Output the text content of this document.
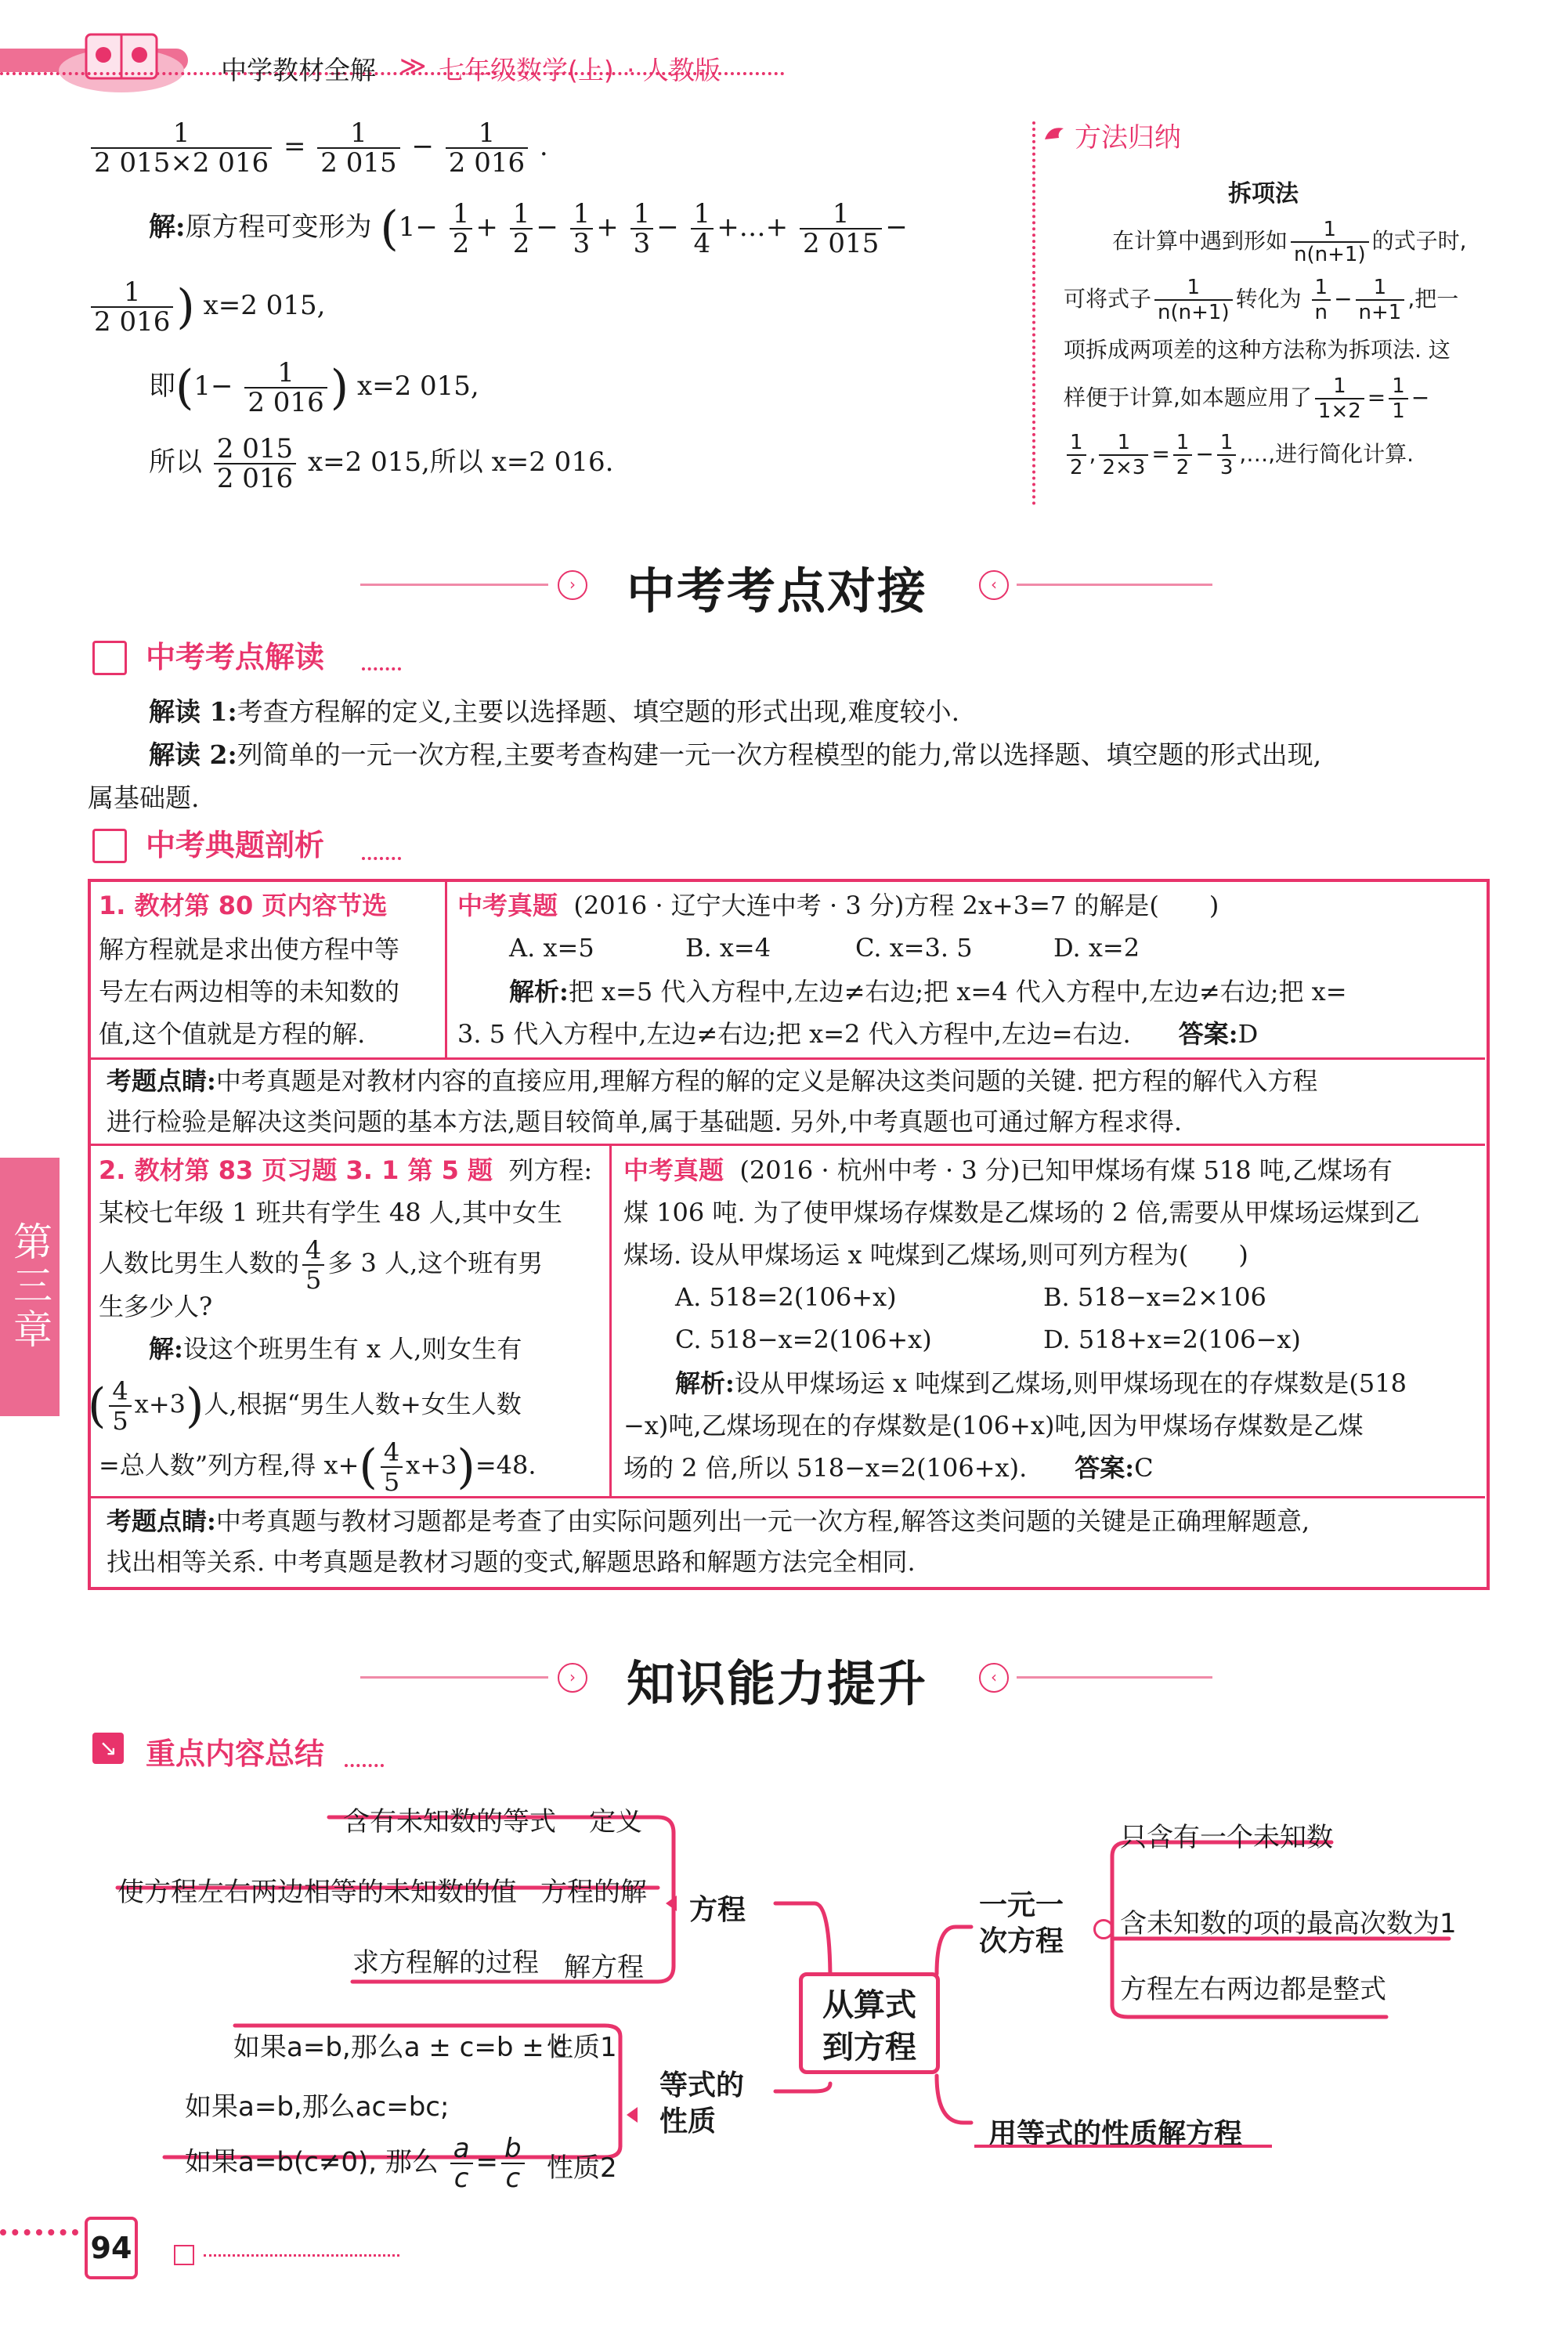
中学教材全解 ≫ 七年级数学(上) · 人教版
$\frac{1}{2 015\times 2 016} = \frac{1}{2 015} - \frac{1}{2 016}$ .
解:原方程可变形为 ($1- \frac{1}{2} + \frac{1}{2} - \frac{1}{3} + \frac{1}{3} - \frac{1}{4}$ +…+ $\frac{1}{2 015}$ −
$\frac{1}{2 016}$ ) x=2 015,
即($1- \frac{1}{2 016}$ ) x=2 015,
所以 $\frac{2 015}{2 016} x=2$ 015,所以 x=2 016.
方法归纳
拆项法
在计算中遇到形如 $\frac{1}{n(n+1)}$ 的式子时,
可将式子 $\frac{1}{n(n+1)}$ 转化为 $\frac{1}{n} - \frac{1}{n+1}$ ,把一
项拆成两项差的这种方法称为拆项法. 这
样便于计算,如本题应用了 $\frac{1}{1\times 2} = \frac{1}{1}$ −
$\frac{1}{2}$ , $\frac{1}{2\times 3} = \frac{1}{2} - \frac{1}{3}$ ,…,进行简化计算.
› 中考考点对接	‹
中考考点解读
解读 1:考查方程解的定义,主要以选择题、填空题的形式出现,难度较小.
解读 2:列简单的一元一次方程,主要考查构建一元一次方程模型的能力,常以选择题、填空题的形式出现,
属基础题.
中考典题剖析
1. 教材第 80 页内容节选
解方程就是求出使方程中等
号左右两边相等的未知数的
值,这个值就是方程的解.
中考真题 (2016 · 辽宁大连中考 · 3 分)方程 2x+3=7 的解是(　　)
A. x=5	B. x=4	C. x=3. 5	D. x=2
解析:把 x=5 代入方程中,左边≠右边;把 x=4 代入方程中,左边≠右边;把 x=
3. 5 代入方程中,左边≠右边;把 x=2 代入方程中,左边=右边. 答案:D
考题点睛:中考真题是对教材内容的直接应用,理解方程的解的定义是解决这类问题的关键. 把方程的解代入方程
进行检验是解决这类问题的基本方法,题目较简单,属于基础题. 另外,中考真题也可通过解方程求得.
2. 教材第 83 页习题 3. 1 第 5 题 列方程:
某校七年级 1 班共有学生 48 人,其中女生
人数比男生人数的 $\frac{4}{5}$ 多 3 人,这个班有男
生多少人?
解:设这个班男生有 x 人,则女生有
( $\frac{4}{5} x+3$)人,根据“男生人数+女生人数
=总人数”列方程,得 $x+( \frac{4}{5} x+3)=48$.
中考真题 (2016 · 杭州中考 · 3 分)已知甲煤场有煤 518 吨,乙煤场有
煤 106 吨. 为了使甲煤场存煤数是乙煤场的 2 倍,需要从甲煤场运煤到乙
煤场. 设从甲煤场运 x 吨煤到乙煤场,则可列方程为(　　)
A. 518=2(106+x)	B. 518−x=2×106
C. 518−x=2(106+x)	D. 518+x=2(106−x)
解析:设从甲煤场运 x 吨煤到乙煤场,则甲煤场现在的存煤数是(518
−x)吨,乙煤场现在的存煤数是(106+x)吨,因为甲煤场存煤数是乙煤
场的 2 倍,所以 518−x=2(106+x). 答案:C
考题点睛:中考真题与教材习题都是考查了由实际问题列出一元一次方程,解答这类问题的关键是正确理解题意,
找出相等关系. 中考真题是教材习题的变式,解题思路和解题方法完全相同.
第三章
› 知识能力提升	‹
↘ 重点内容总结
从算式
到方程
方程
含有未知数的等式 定义
使方程左右两边相等的未知数的值 方程的解
求方程解的过程 解方程
等式的
性质
如果a=b,那么a ± c=b ± c
性质1
如果a=b,那么ac=bc;
如果a=b(c≠0), 那么 $\frac{a}{c} = \frac{b}{c}$ 性质2
一元一
次方程
只含有一个未知数
含未知数的项的最高次数为1
方程左右两边都是整式
用等式的性质解方程
94
